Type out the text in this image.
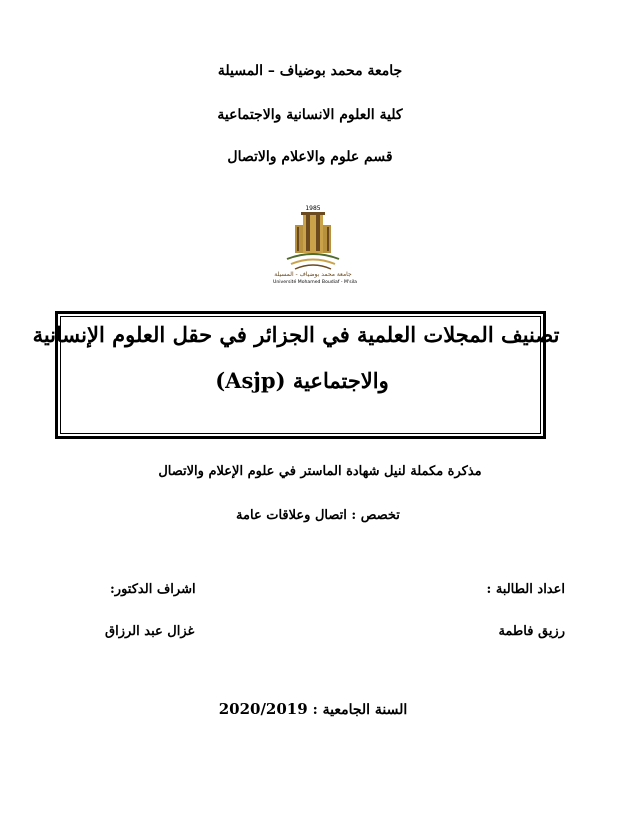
جامعة محمد بوضياف – المسيلة
كلية العلوم الانسانية والاجتماعية
قسم علوم والاعلام والاتصال
1985
جامعة محمد بوضياف - المسيلة
Université Mohamed Boudiaf - M'sila
تصنيف المجلات العلمية في الجزائر في حقل العلوم الإنسانية
والاجتماعية (Asjp)
مذكرة مكملة لنيل شهادة الماستر في علوم الإعلام والاتصال
تخصص : اتصال وعلاقات عامة
اعداد الطالبة :
اشراف الدكتور:
رزيق فاطمة
غزال عبد الرزاق
السنة الجامعية : 2020/2019
